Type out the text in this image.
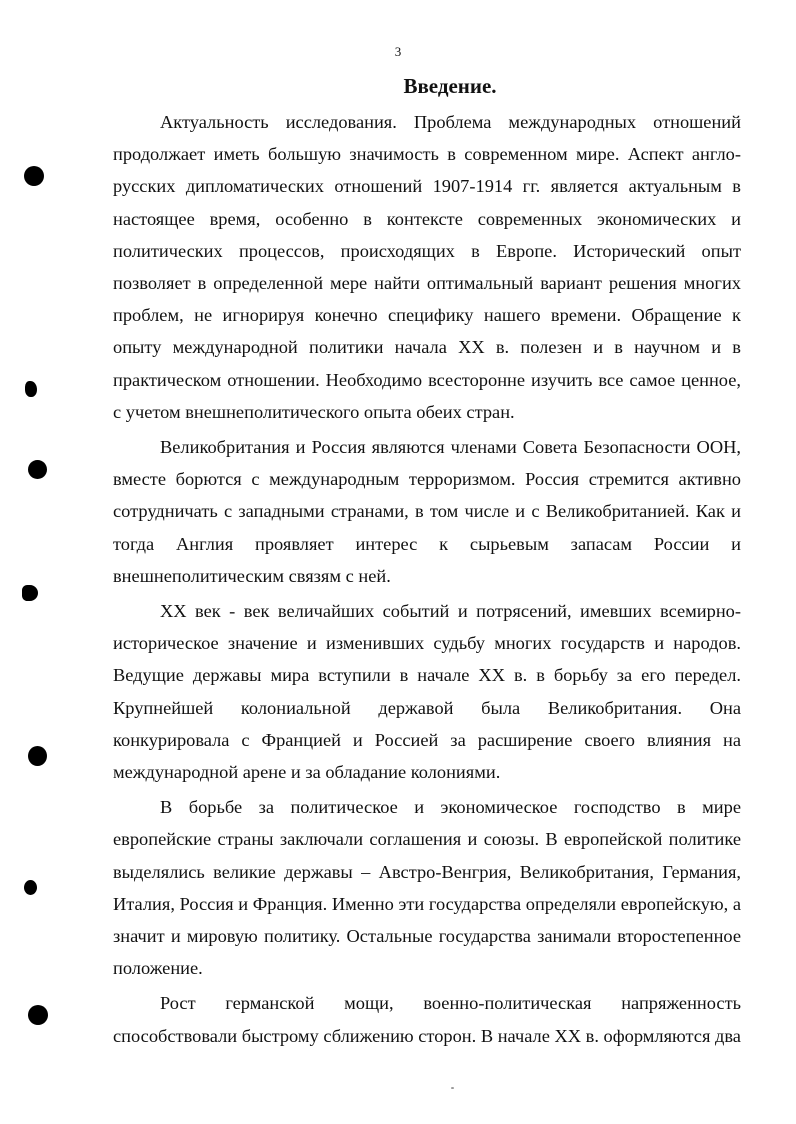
3
Введение.

Актуальность исследования. Проблема международных отношений продолжает иметь большую значимость в современном мире. Аспект англо-русских дипломатических отношений 1907-1914 гг. является актуальным в настоящее время, особенно в контексте современных экономических и политических процессов, происходящих в Европе. Исторический опыт позволяет в определенной мере найти оптимальный вариант решения многих проблем, не игнорируя конечно специфику нашего времени. Обращение к опыту международной политики начала XX в. полезен и в научном и в практическом отношении. Необходимо всесторонне изучить все самое ценное, с учетом внешнеполитического опыта обеих стран.

Великобритания и Россия являются членами Совета Безопасности ООН, вместе борются с международным терроризмом. Россия стремится активно сотрудничать с западными странами, в том числе и с Великобританией. Как и тогда Англия проявляет интерес к сырьевым запасам России и внешнеполитическим связям с ней.

XX век - век величайших событий и потрясений, имевших всемирно-историческое значение и изменивших судьбу многих государств и народов. Ведущие державы мира вступили в начале XX в. в борьбу за его передел. Крупнейшей колониальной державой была Великобритания. Она конкурировала с Францией и Россией за расширение своего влияния на международной арене и за обладание колониями.

В борьбе за политическое и экономическое господство в мире европейские страны заключали соглашения и союзы. В европейской политике выделялись великие державы – Австро-Венгрия, Великобритания, Германия, Италия, Россия и Франция. Именно эти государства определяли европейскую, а значит и мировую политику. Остальные государства занимали второстепенное положение.

Рост германской мощи, военно-политическая напряженность способствовали быстрому сближению сторон. В начале XX в. оформляются два
